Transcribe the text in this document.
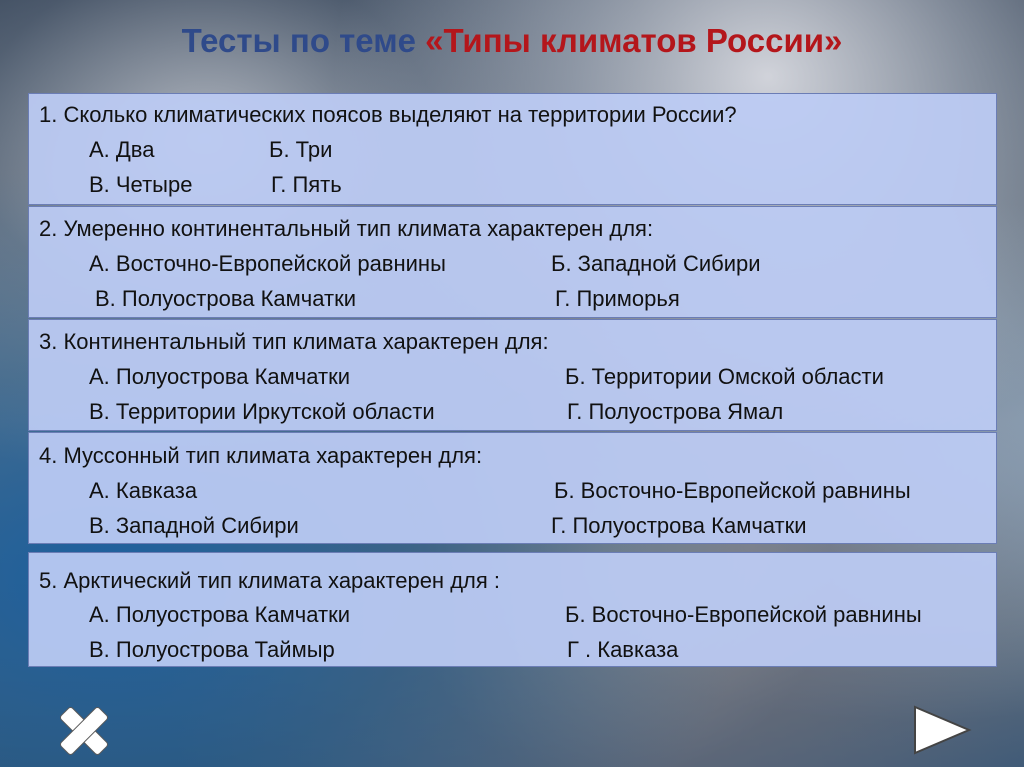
Тесты по теме «Типы климатов России»
1. Сколько климатических поясов выделяют на территории России?
А. Два	Б. Три
В. Четыре	Г. Пять
2. Умеренно континентальный тип климата характерен для:
А. Восточно-Европейской равнины	Б. Западной Сибири
В. Полуострова Камчатки	Г. Приморья
3. Континентальный тип климата характерен для:
А. Полуострова Камчатки	Б. Территории Омской области
В. Территории Иркутской области	Г. Полуострова Ямал
4. Муссонный тип климата характерен для:
А. Кавказа	Б. Восточно-Европейской равнины
В. Западной Сибири	Г. Полуострова Камчатки
5. Арктический тип климата характерен для :
А. Полуострова Камчатки	Б. Восточно-Европейской равнины
В. Полуострова Таймыр	Г . Кавказа
